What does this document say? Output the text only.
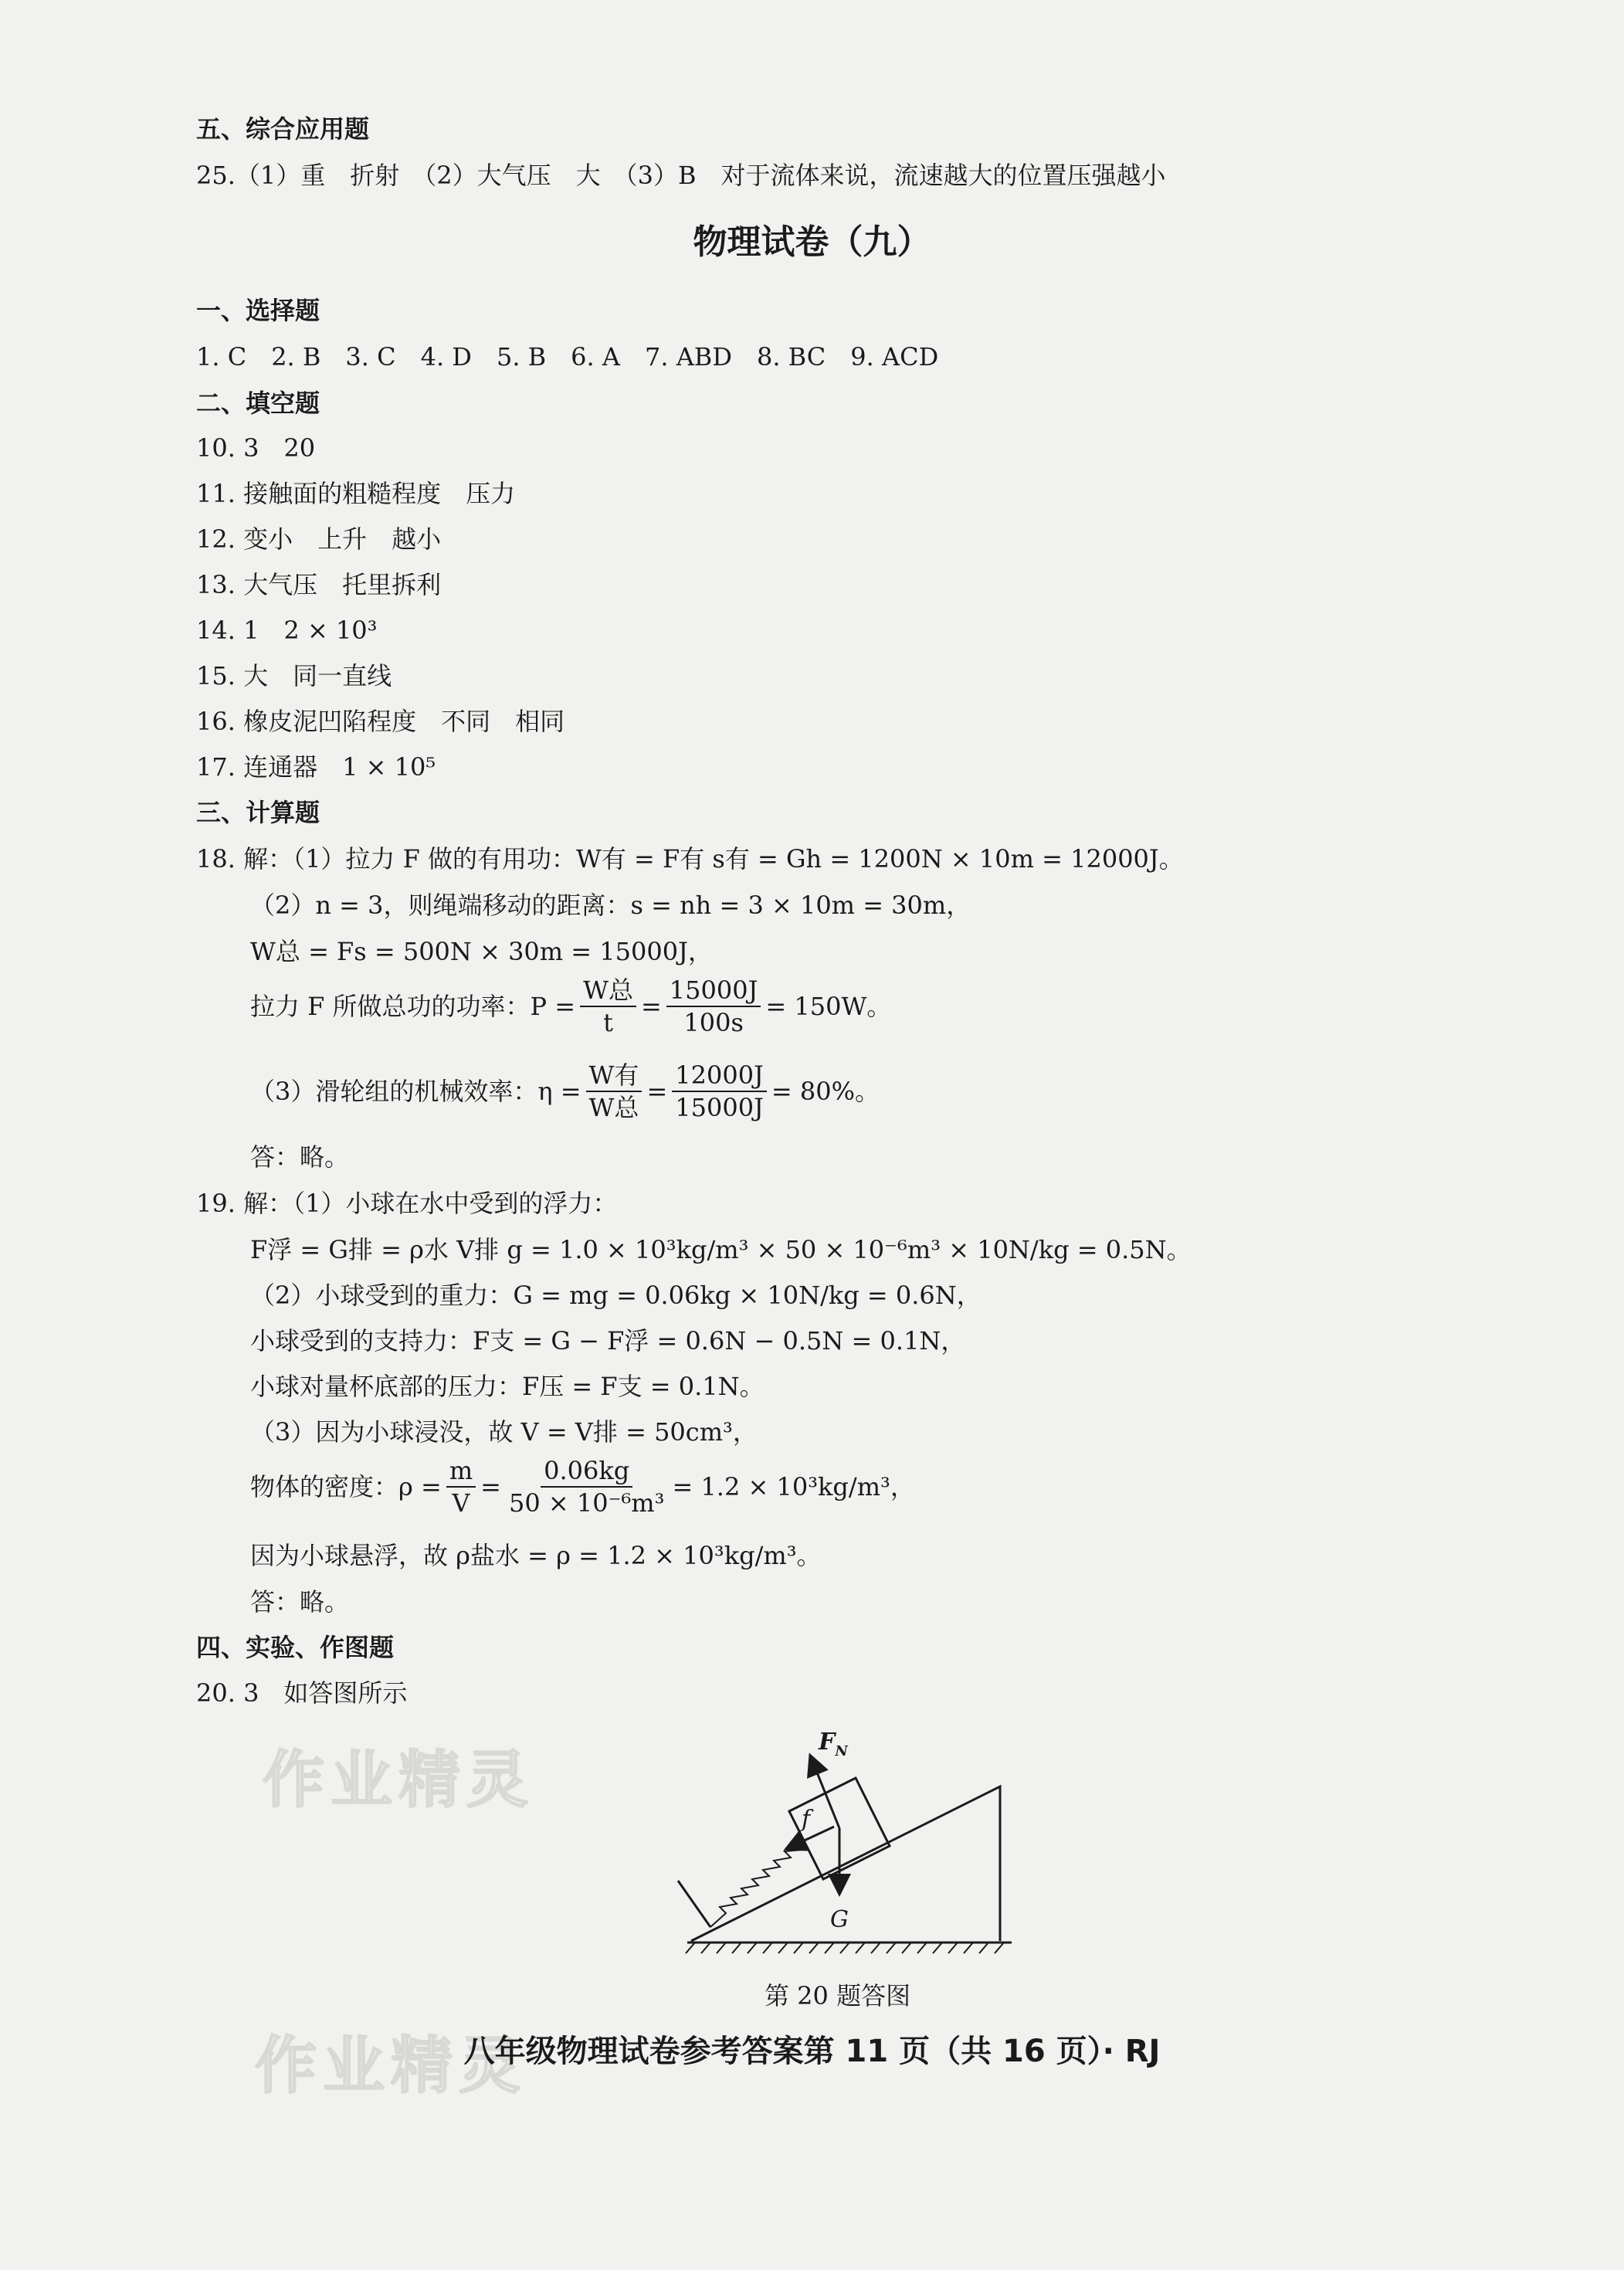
五、综合应用题
25.（1）重　折射　（2）大气压　大　（3）B　对于流体来说，流速越大的位置压强越小
物理试卷（九）
一、选择题
1. C　2. B　3. C　4. D　5. B　6. A　7. ABD　8. BC　9. ACD
二、填空题
10. 3　20
11. 接触面的粗糙程度　压力
12. 变小　上升　越小
13. 大气压　托里拆利
14. 1　2 × 10³
15. 大　同一直线
16. 橡皮泥凹陷程度　不同　相同
17. 连通器　1 × 10⁵
三、计算题
18. 解：（1）拉力 F 做的有用功：W有 = F有 s有 = Gh = 1200N × 10m = 12000J。
（2）n = 3，则绳端移动的距离：s = nh = 3 × 10m = 30m，
W总 = Fs = 500N × 30m = 15000J，
拉力 F 所做总功的功率：$P = \frac{\text{W总}}{t} = \frac{15000J}{100s} = 150W$。
（3）滑轮组的机械效率：$\eta = \frac{\text{W有}}{\text{W总}} = \frac{12000J}{15000J} = 80\%$。
答：略。
19. 解：（1）小球在水中受到的浮力：
F浮 = G排 = ρ水 V排 g = 1.0 × 10³kg/m³ × 50 × 10⁻⁶m³ × 10N/kg = 0.5N。
（2）小球受到的重力：G = mg = 0.06kg × 10N/kg = 0.6N，
小球受到的支持力：F支 = G − F浮 = 0.6N − 0.5N = 0.1N，
小球对量杯底部的压力：F压 = F支 = 0.1N。
（3）因为小球浸没，故 V = V排 = 50cm³，
物体的密度：$\rho = \frac{m}{V} = \frac{0.06kg}{\text{50 × 10⁻⁶m³}} = 1.2 \times 10^3kg/m^3$，
因为小球悬浮，故 ρ盐水 = ρ = 1.2 × 10³kg/m³。
答：略。
四、实验、作图题
20. 3　如答图所示
作业精灵
$F_N$
f
G
第 20 题答图
作业精灵
八年级物理试卷参考答案第 11 页（共 16 页）· RJ
